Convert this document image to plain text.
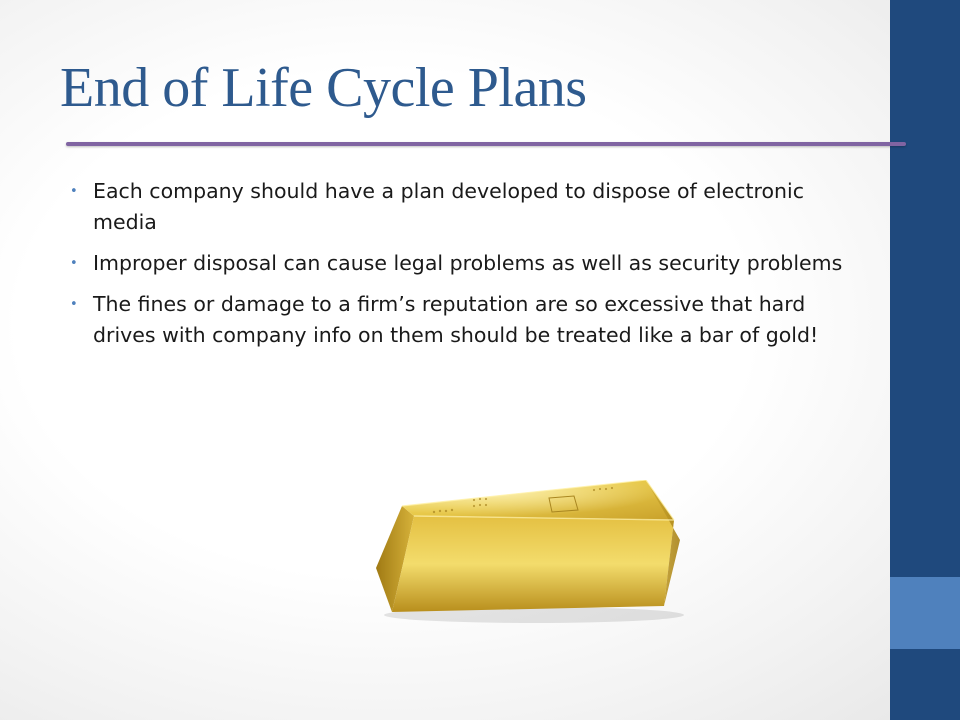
End of Life Cycle Plans
• Each company should have a plan developed to dispose of electronic media
• Improper disposal can cause legal problems as well as security problems
• The fines or damage to a firm’s reputation are so excessive that hard drives with company info on them should be treated like a bar of gold!
